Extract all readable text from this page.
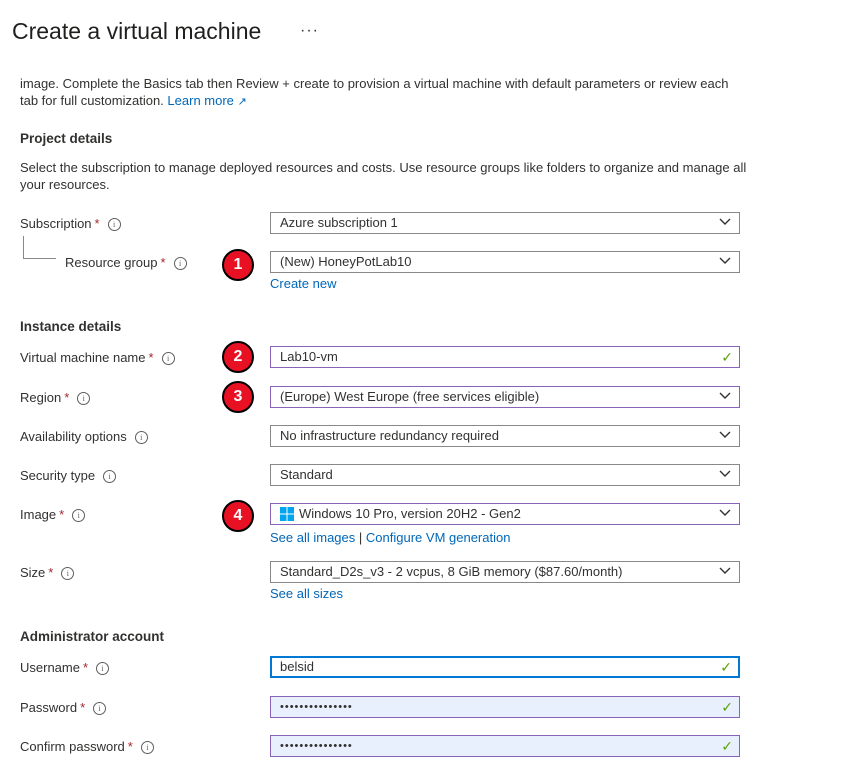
Create a virtual machine ···
image. Complete the Basics tab then Review + create to provision a virtual machine with default parameters or review each tab for full customization. Learn more ↗
Project details
Select the subscription to manage deployed resources and costs. Use resource groups like folders to organize and manage all your resources.
Subscription * i	Azure subscription 1
Resource group * i	1	(New) HoneyPotLab10
Create new
Instance details
Virtual machine name * i	2	Lab10-vm	✓
Region * i	3	(Europe) West Europe (free services eligible)
Availability options i	No infrastructure redundancy required
Security type i	Standard
Image * i	4	Windows 10 Pro, version 20H2 - Gen2
See all images | Configure VM generation
Size * i	Standard_D2s_v3 - 2 vcpus, 8 GiB memory ($87.60/month)
See all sizes
Administrator account
Username * i	belsid	✓
Password * i	•••••••••••••••	✓
Confirm password * i	•••••••••••••••	✓
